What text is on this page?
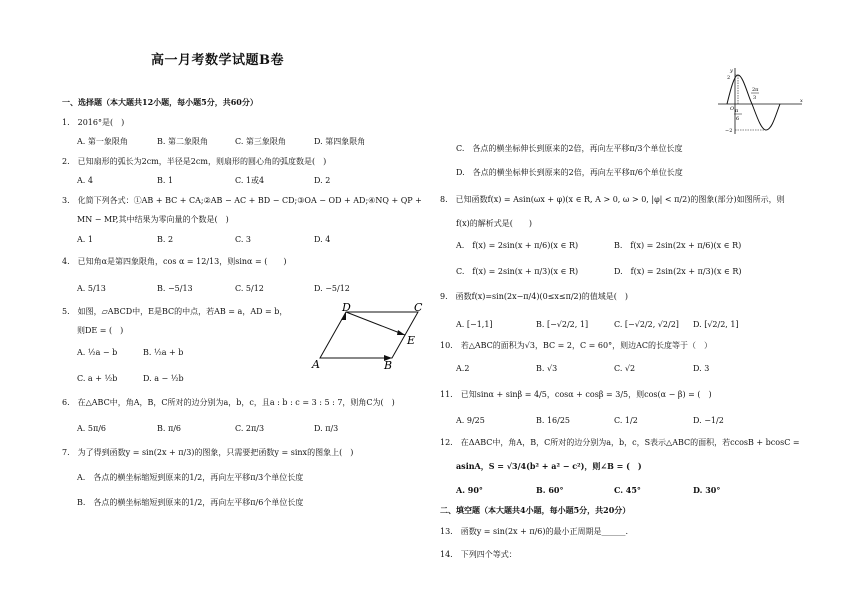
高一月考数学试题B卷
一、选择题（本大题共12小题，每小题5分，共60分）
1.　2016°是(　)
A. 第一象限角	B. 第二象限角	C. 第三象限角	D. 第四象限角
2.　已知扇形的弧长为2cm，半径是2cm，则扇形的圆心角的弧度数是(　)
A. 4	B. 1	C. 1或4	D. 2
3.　化简下列各式：①AB + BC + CA;②AB − AC + BD − CD;③OA − OD + AD;④NQ + QP +
MN − MP,其中结果为零向量的个数是(　)
A. 1	B. 2	C. 3	D. 4
4.　已知角α是第四象限角，cos α = 12/13，则sinα = (　　)
A. 5/13	B. −5/13	C. 5/12	D. −5/12
5.　如图，▱ABCD中，E是BC的中点，若AB = a，AD = b，
则DE = (　)
A. ½a − b	B. ½a + b
C. a + ½b	D. a − ½b
A	B
C
D
E
6.　在△ABC中，角A，B，C所对的边分别为a，b，c，且a : b : c = 3 : 5 : 7，则角C为(　)
A. 5π/6	B. π/6	C. 2π/3	D. π/3
7.　为了得到函数y = sin(2x + π/3)的图象，只需要把函数y = sinx的图象上(　)
A.　各点的横坐标缩短到原来的1/2，再向左平移π/3个单位长度
B.　各点的横坐标缩短到原来的1/2，再向左平移π/6个单位长度
C.　各点的横坐标伸长到原来的2倍，再向左平移π/3个单位长度
D.　各点的横坐标伸长到原来的2倍，再向左平移π/6个单位长度
2
−2
y
x
O
2π
3
π
6
8.　已知函数f(x) = Asin(ωx + φ)(x ∈ R, A > 0, ω > 0, |φ| < π/2)的图象(部分)如图所示，则
f(x)的解析式是(　　)
A.　f(x) = 2sin(x + π/6)(x ∈ R)	B.　f(x) = 2sin(2x + π/6)(x ∈ R)
C.　f(x) = 2sin(x + π/3)(x ∈ R)	D.　f(x) = 2sin(2x + π/3)(x ∈ R)
9.　函数f(x)=sin(2x−π/4)(0≤x≤π/2)的值域是(　)
A. [−1,1]	B. [−√2/2, 1]	C. [−√2/2, √2/2] D. [√2/2, 1]
10.　若△ABC的面积为√3，BC = 2，C = 60°，则边AC的长度等于（　）
A.2	B. √3	C. √2	D. 3
11.　已知sinα + sinβ = 4/5，cosα + cosβ = 3/5，则cos(α − β) = (　)
A. 9/25	B. 16/25	C. 1/2	D. −1/2
12.　在ΔABC中，角A，B，C所对的边分别为a，b，c，S表示△ABC的面积，若ccosB + bcosC =
asinA，S = √3/4(b² + a² − c²)，则∠B = (　)
A. 90°	B. 60°	C. 45°	D. 30°
二、填空题（本大题共4小题，每小题5分，共20分）
13.　函数y = sin(2x + π/6)的最小正周期是______.
14.　下列四个等式：
